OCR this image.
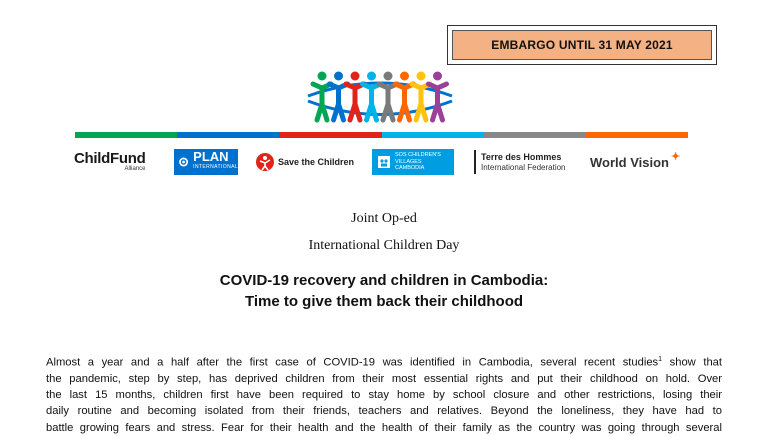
EMBARGO UNTIL 31 MAY 2021
ChildFund
Alliance
PLAN
INTERNATIONAL	Save the Children
SOS CHILDREN'S
VILLAGES
CAMBODIA
Terre des Hommes
International Federation World Vision ✦
Joint Op-ed
International Children Day
COVID-19 recovery and children in Cambodia:
Time to give them back their childhood
Almost a year and a half after the first case of COVID-19 was identified in Cambodia, several recent studies$^1$ show that
the pandemic, step by step, has deprived children from their most essential rights and put their childhood on hold. Over
the last 15 months, children first have been required to stay home by school closure and other restrictions, losing their
daily routine and becoming isolated from their friends, teachers and relatives. Beyond the loneliness, they have had to
battle growing fears and stress. Fear for their health and the health of their family as the country was going through several
